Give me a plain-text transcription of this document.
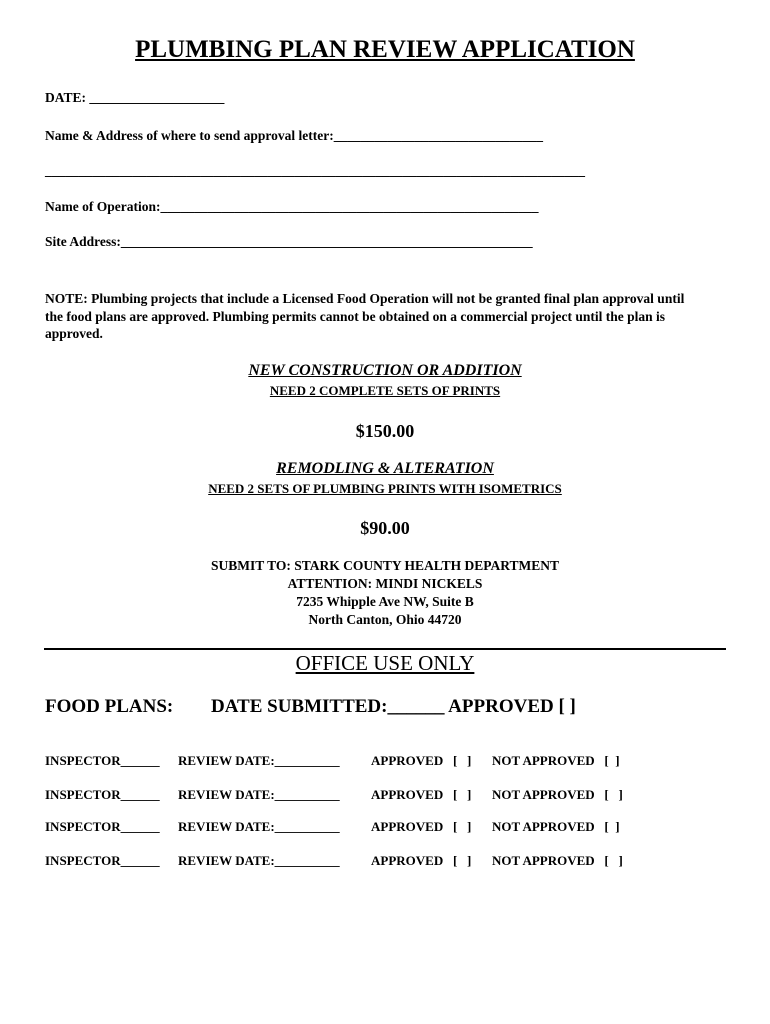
PLUMBING PLAN REVIEW APPLICATION
DATE: ____________________
Name & Address of where to send approval letter:_______________________________
________________________________________________________________________________
Name of Operation:________________________________________________________
Site Address:_____________________________________________________________
NOTE: Plumbing projects that include a Licensed Food Operation will not be granted final plan approval until the food plans are approved. Plumbing permits cannot be obtained on a commercial project until the plan is approved.
NEW CONSTRUCTION OR ADDITION
NEED 2 COMPLETE SETS OF PRINTS
$150.00
REMODLING & ALTERATION
NEED 2 SETS OF PLUMBING PRINTS WITH ISOMETRICS
$90.00
SUBMIT TO: STARK COUNTY HEALTH DEPARTMENT
ATTENTION: MINDI NICKELS
7235 Whipple Ave NW, Suite B
North Canton, Ohio 44720
OFFICE USE ONLY
FOOD PLANS: DATE SUBMITTED:______ APPROVED [ ]
INSPECTOR______ REVIEW DATE:__________ APPROVED   [   ] NOT APPROVED   [  ]
INSPECTOR______ REVIEW DATE:__________ APPROVED   [   ] NOT APPROVED   [   ]
INSPECTOR______ REVIEW DATE:__________ APPROVED   [   ] NOT APPROVED   [  ]
INSPECTOR______ REVIEW DATE:__________ APPROVED   [   ] NOT APPROVED   [   ]
